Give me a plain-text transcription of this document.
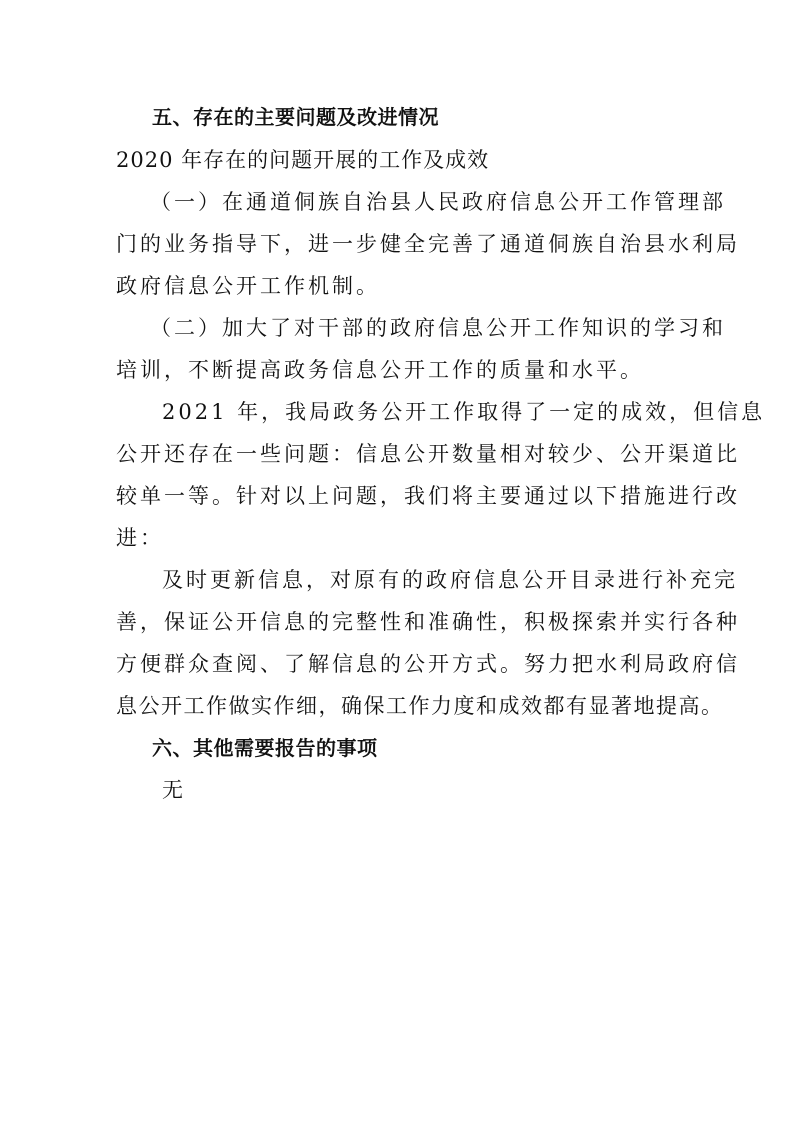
五、存在的主要问题及改进情况
2020 年存在的问题开展的工作及成效
（一）在通道侗族自治县人民政府信息公开工作管理部
门的业务指导下，进一步健全完善了通道侗族自治县水利局
政府信息公开工作机制。
（二）加大了对干部的政府信息公开工作知识的学习和
培训，不断提高政务信息公开工作的质量和水平。
2021 年，我局政务公开工作取得了一定的成效，但信息
公开还存在一些问题：信息公开数量相对较少、公开渠道比
较单一等。针对以上问题，我们将主要通过以下措施进行改
进：
及时更新信息，对原有的政府信息公开目录进行补充完
善，保证公开信息的完整性和准确性，积极探索并实行各种
方便群众查阅、了解信息的公开方式。努力把水利局政府信
息公开工作做实作细，确保工作力度和成效都有显著地提高。
六、其他需要报告的事项
无
